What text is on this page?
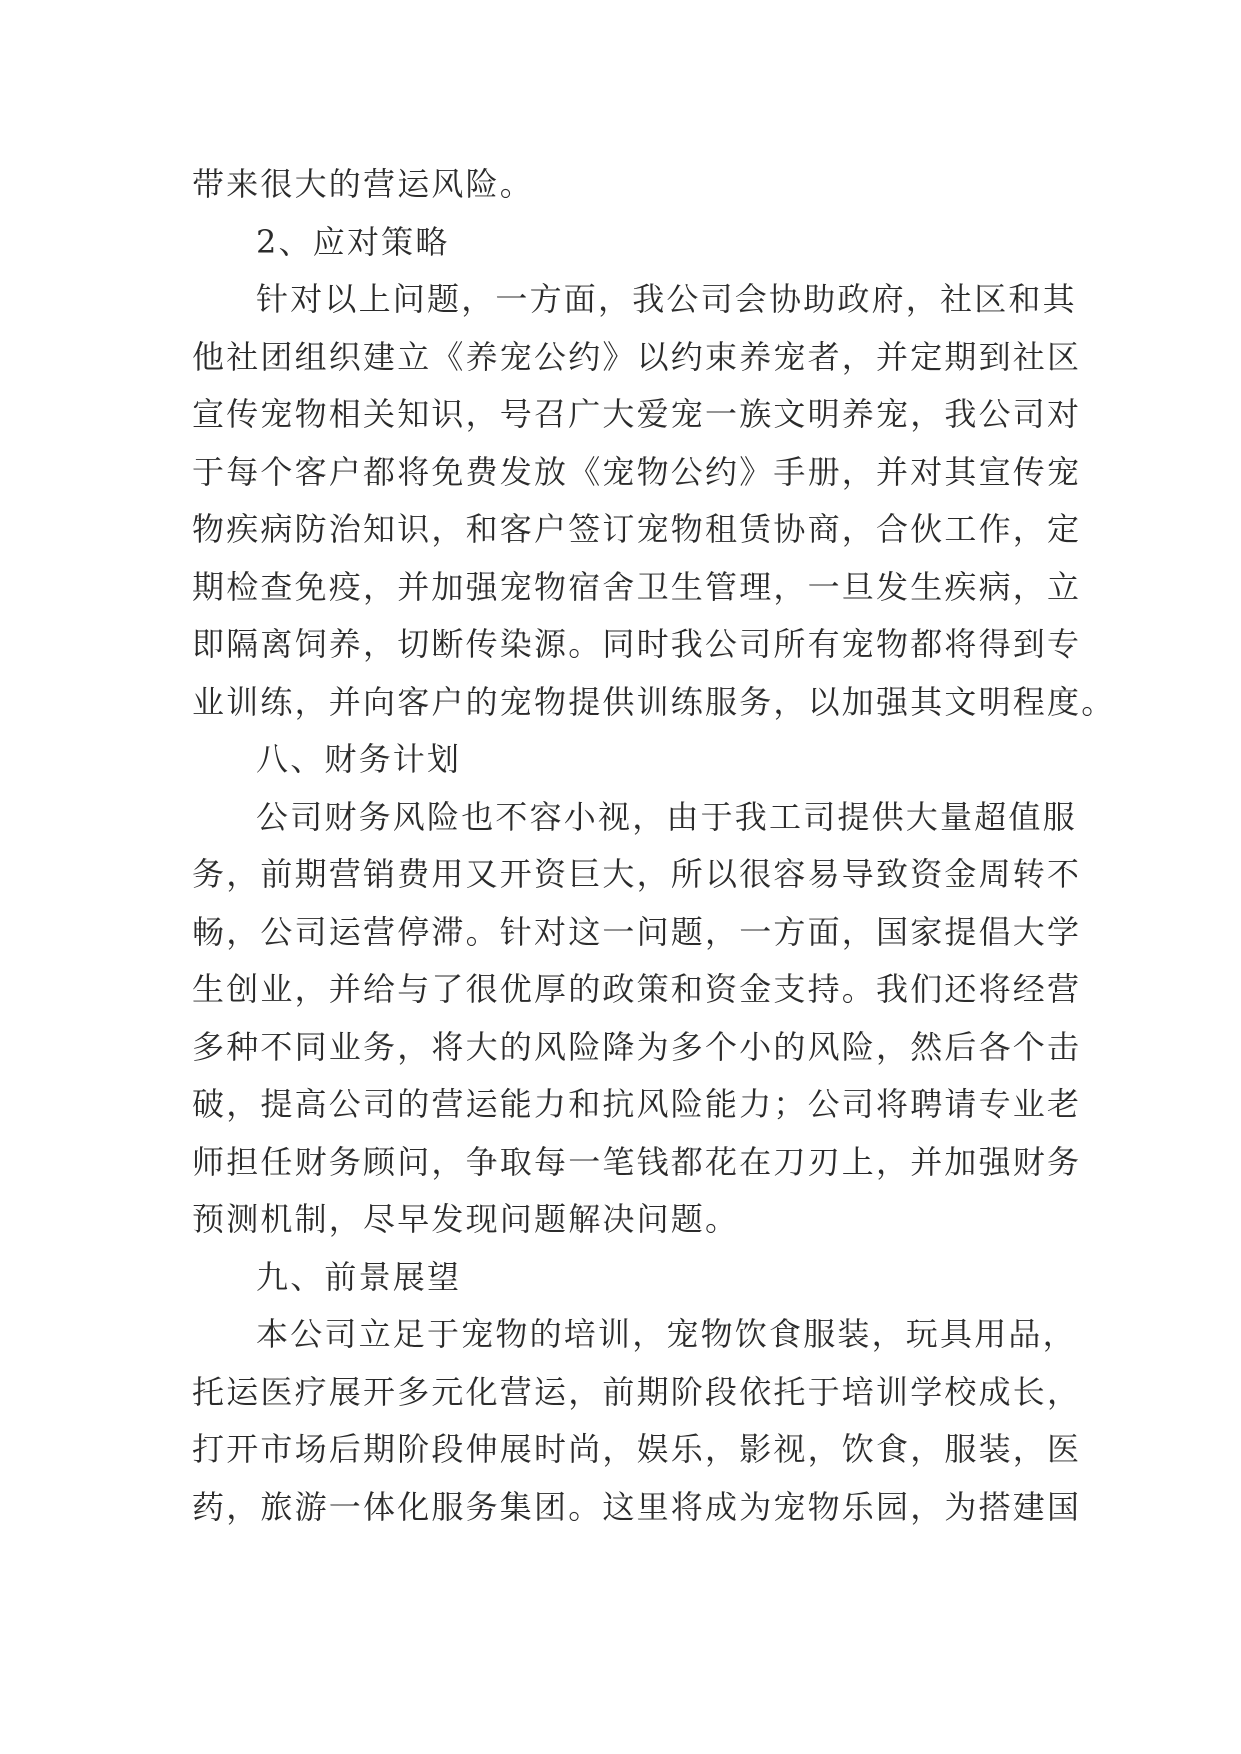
带来很大的营运风险。
2、应对策略
针对以上问题，一方面，我公司会协助政府，社区和其
他社团组织建立《养宠公约》以约束养宠者，并定期到社区
宣传宠物相关知识，号召广大爱宠一族文明养宠，我公司对
于每个客户都将免费发放《宠物公约》手册，并对其宣传宠
物疾病防治知识，和客户签订宠物租赁协商，合伙工作，定
期检查免疫，并加强宠物宿舍卫生管理，一旦发生疾病，立
即隔离饲养，切断传染源。同时我公司所有宠物都将得到专
业训练，并向客户的宠物提供训练服务，以加强其文明程度。
八、财务计划
公司财务风险也不容小视，由于我工司提供大量超值服
务，前期营销费用又开资巨大，所以很容易导致资金周转不
畅，公司运营停滞。针对这一问题，一方面，国家提倡大学
生创业，并给与了很优厚的政策和资金支持。我们还将经营
多种不同业务，将大的风险降为多个小的风险，然后各个击
破，提高公司的营运能力和抗风险能力；公司将聘请专业老
师担任财务顾问，争取每一笔钱都花在刀刃上，并加强财务
预测机制，尽早发现问题解决问题。
九、前景展望
本公司立足于宠物的培训，宠物饮食服装，玩具用品，
托运医疗展开多元化营运，前期阶段依托于培训学校成长，
打开市场后期阶段伸展时尚，娱乐，影视，饮食，服装，医
药，旅游一体化服务集团。这里将成为宠物乐园，为搭建国
